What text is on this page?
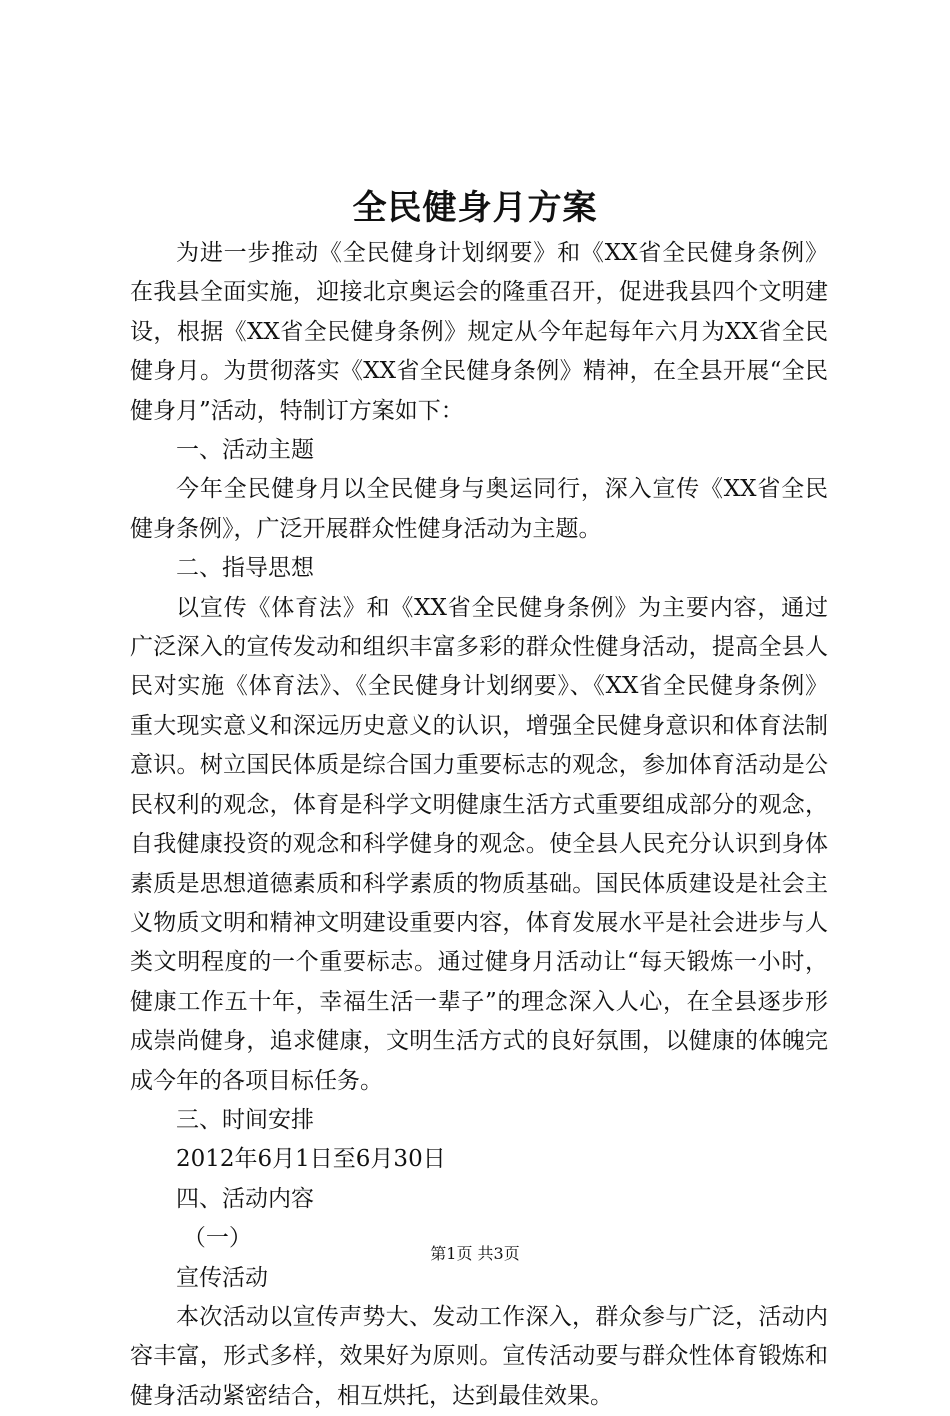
全民健身月方案

为进一步推动《全民健身计划纲要》和《XX省全民健身条例》在我县全面实施，迎接北京奥运会的隆重召开，促进我县四个文明建设，根据《XX省全民健身条例》规定从今年起每年六月为XX省全民健身月。为贯彻落实《XX省全民健身条例》精神，在全县开展“全民健身月”活动，特制订方案如下：

一、活动主题

今年全民健身月以全民健身与奥运同行，深入宣传《XX省全民健身条例》，广泛开展群众性健身活动为主题。

二、指导思想

以宣传《体育法》和《XX省全民健身条例》为主要内容，通过广泛深入的宣传发动和组织丰富多彩的群众性健身活动，提高全县人民对实施《体育法》、《全民健身计划纲要》、《XX省全民健身条例》重大现实意义和深远历史意义的认识，增强全民健身意识和体育法制意识。树立国民体质是综合国力重要标志的观念，参加体育活动是公民权利的观念，体育是科学文明健康生活方式重要组成部分的观念，自我健康投资的观念和科学健身的观念。使全县人民充分认识到身体素质是思想道德素质和科学素质的物质基础。国民体质建设是社会主义物质文明和精神文明建设重要内容，体育发展水平是社会进步与人类文明程度的一个重要标志。通过健身月活动让“每天锻炼一小时，健康工作五十年，幸福生活一辈子”的理念深入人心，在全县逐步形成崇尚健身，追求健康，文明生活方式的良好氛围，以健康的体魄完成今年的各项目标任务。

三、时间安排

2012年6月1日至6月30日

四、活动内容

（一）

宣传活动

本次活动以宣传声势大、发动工作深入，群众参与广泛，活动内容丰富，形式多样，效果好为原则。宣传活动要与群众性体育锻炼和健身活动紧密结合，相互烘托，达到最佳效果。

第1页 共3页
